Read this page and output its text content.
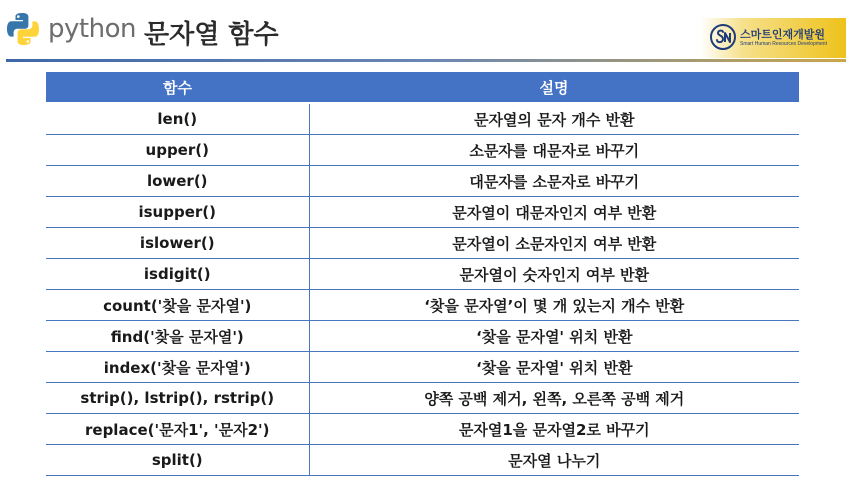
python 문자열 함수	스마트인재개발원
Smart Human Resources Development
함수	설명
len()	문자열의 문자 개수 반환
upper()	소문자를 대문자로 바꾸기
lower()	대문자를 소문자로 바꾸기
isupper()	문자열이 대문자인지 여부 반환
islower()	문자열이 소문자인지 여부 반환
isdigit()	문자열이 숫자인지 여부 반환
count('찾을 문자열')	‘찾을 문자열’이 몇 개 있는지 개수 반환
find('찾을 문자열')	‘찾을 문자열' 위치 반환
index('찾을 문자열')	‘찾을 문자열' 위치 반환
strip(), lstrip(), rstrip()	양쪽 공백 제거, 왼쪽, 오른쪽 공백 제거
replace('문자1', '문자2')	문자열1을 문자열2로 바꾸기
split()	문자열 나누기
